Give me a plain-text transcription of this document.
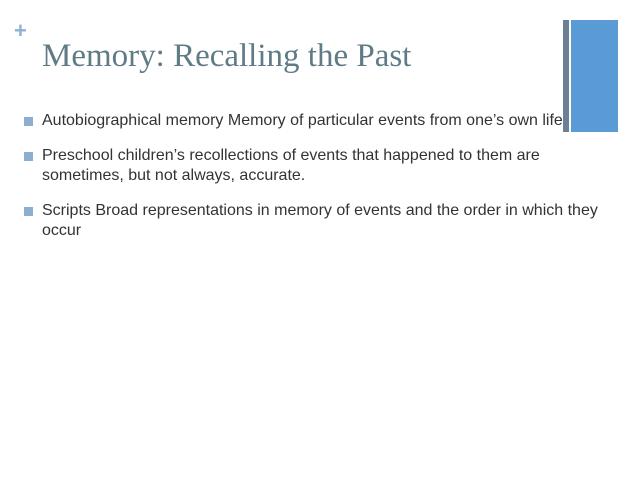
+
Memory: Recalling the Past
Autobiographical memory Memory of particular events from one’s own life
Preschool children’s recollections of events that happened to them are sometimes, but not always, accurate.
Scripts Broad representations in memory of events and the order in which they occur
